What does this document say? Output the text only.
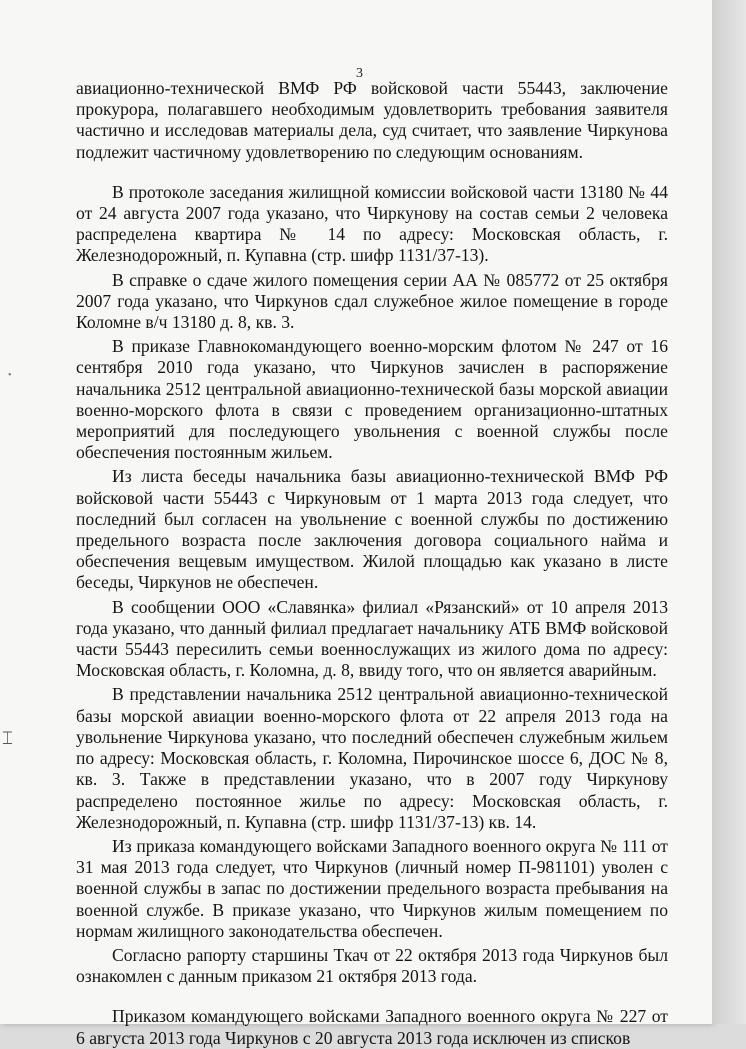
3

авиационно-технической ВМФ РФ войсковой части 55443, заключение прокурора, полагавшего необходимым удовлетворить требования заявителя частично и исследовав материалы дела, суд считает, что заявление Чиркунова подлежит частичному удовлетворению по следующим основаниям.

В протоколе заседания жилищной комиссии войсковой части 13180 № 44 от 24 августа 2007 года указано, что Чиркунову на состав семьи 2 человека распределена квартира № 14 по адресу: Московская область, г. Железнодорожный, п. Купавна (стр. шифр 1131/37-13).

В справке о сдаче жилого помещения серии АА № 085772 от 25 октября 2007 года указано, что Чиркунов сдал служебное жилое помещение в городе Коломне в/ч 13180 д. 8, кв. 3.

В приказе Главнокомандующего военно-морским флотом № 247 от 16 сентября 2010 года указано, что Чиркунов зачислен в распоряжение начальника 2512 центральной авиационно-технической базы морской авиации военно-морского флота в связи с проведением организационно-штатных мероприятий для последующего увольнения с военной службы после обеспечения постоянным жильем.

Из листа беседы начальника базы авиационно-технической ВМФ РФ войсковой части 55443 с Чиркуновым от 1 марта 2013 года следует, что последний был согласен на увольнение с военной службы по достижению предельного возраста после заключения договора социального найма и обеспечения вещевым имуществом. Жилой площадью как указано в листе беседы, Чиркунов не обеспечен.

В сообщении ООО «Славянка» филиал «Рязанский» от 10 апреля 2013 года указано, что данный филиал предлагает начальнику АТБ ВМФ войсковой части 55443 пересилить семьи военнослужащих из жилого дома по адресу: Московская область, г. Коломна, д. 8, ввиду того, что он является аварийным.

В представлении начальника 2512 центральной авиационно-технической базы морской авиации военно-морского флота от 22 апреля 2013 года на увольнение Чиркунова указано, что последний обеспечен служебным жильем по адресу: Московская область, г. Коломна, Пирочинское шоссе 6, ДОС № 8, кв. 3. Также в представлении указано, что в 2007 году Чиркунову распределено постоянное жилье по адресу: Московская область, г. Железнодорожный, п. Купавна (стр. шифр 1131/37-13) кв. 14.

Из приказа командующего войсками Западного военного округа № 111 от 31 мая 2013 года следует, что Чиркунов (личный номер П-981101) уволен с военной службы в запас по достижении предельного возраста пребывания на военной службе. В приказе указано, что Чиркунов жилым помещением по нормам жилищного законодательства обеспечен.

Согласно рапорту старшины Ткач от 22 октября 2013 года Чиркунов был ознакомлен с данным приказом 21 октября 2013 года.

Приказом командующего войсками Западного военного округа № 227 от 6 августа 2013 года Чиркунов с 20 августа 2013 года исключен из списков

•
⌶
